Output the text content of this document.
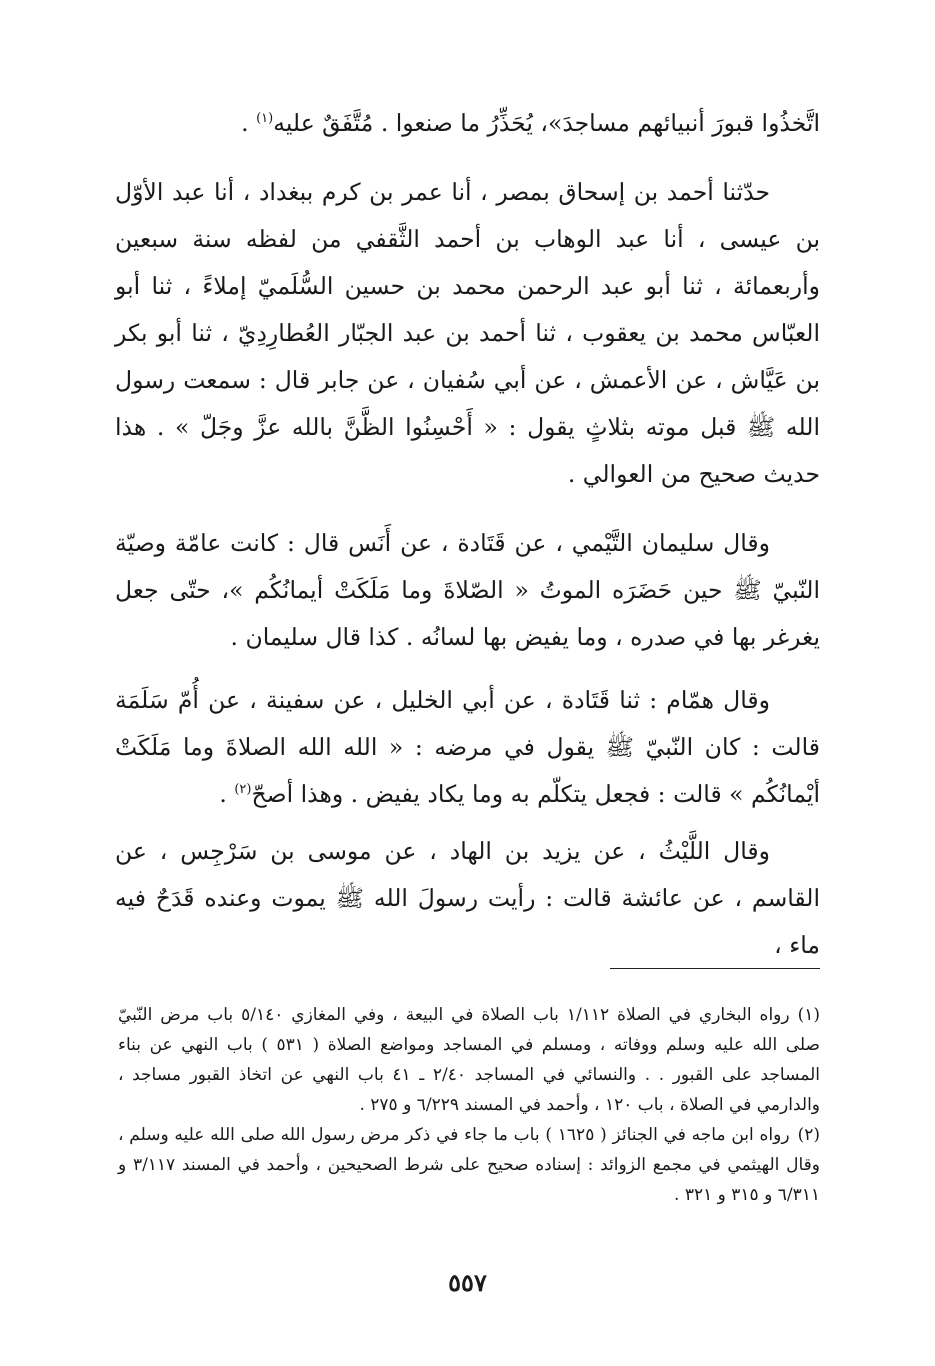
اتَّخذُوا قبورَ أنبيائهم مساجدَ»، يُحَذِّرُ ما صنعوا . مُتَّفَقٌ عليه$^{(١)}$ .

حدّثنا أحمد بن إسحاق بمصر ، أنا عمر بن كرم ببغداد ، أنا عبد الأوّل بن عيسى ، أنا عبد الوهاب بن أحمد الثَّقفي من لفظه سنة سبعين وأربعمائة ، ثنا أبو عبد الرحمن محمد بن حسين السُّلَميّ إملاءً ، ثنا أبو العبّاس محمد بن يعقوب ، ثنا أحمد بن عبد الجبّار العُطارِدِيّ ، ثنا أبو بكر بن عَيَّاش ، عن الأعمش ، عن أبي سُفيان ، عن جابر قال : سمعت رسول الله ﷺ قبل موته بثلاثٍ يقول : « أَحْسِنُوا الظَّنَّ بالله عزَّ وجَلّ » . هذا حديث صحيح من العوالي .

وقال سليمان التَّيْمي ، عن قَتَادة ، عن أَنَس قال : كانت عامّة وصيّة النّبيّ ﷺ حين حَضَرَه الموتُ « الصّلاةَ وما مَلَكَتْ أيمانُكُم »، حتّى جعل يغرغر بها في صدره ، وما يفيض بها لسانُه . كذا قال سليمان .

وقال همّام : ثنا قَتَادة ، عن أبي الخليل ، عن سفينة ، عن أُمّ سَلَمَة قالت : كان النّبيّ ﷺ يقول في مرضه : « الله الله الصلاةَ وما مَلَكَتْ أيْمانُكُم » قالت : فجعل يتكلّم به وما يكاد يفيض . وهذا أصحّ$^{(٢)}$ .

وقال اللَّيْثُ ، عن يزيد بن الهاد ، عن موسى بن سَرْجِس ، عن القاسم ، عن عائشة قالت : رأيت رسولَ الله ﷺ يموت وعنده قَدَحٌ فيه ماء ،

(١)رواه البخاري في الصلاة ١/١١٢ باب الصلاة في البيعة ، وفي المغازي ٥/١٤٠ باب مرض النّبيّ صلى الله عليه وسلم ووفاته ، ومسلم في المساجد ومواضع الصلاة ( ٥٣١ ) باب النهي عن بناء المساجد على القبور . . والنسائي في المساجد ٢/٤٠ ـ ٤١ باب النهي عن اتخاذ القبور مساجد ، والدارمي في الصلاة ، باب ١٢٠ ، وأحمد في المسند ٦/٢٢٩ و ٢٧٥ .

(٢)رواه ابن ماجه في الجنائز ( ١٦٢٥ ) باب ما جاء في ذكر مرض رسول الله صلى الله عليه وسلم ، وقال الهيثمي في مجمع الزوائد : إسناده صحيح على شرط الصحيحين ، وأحمد في المسند ٣/١١٧ و ٦/٣١١ و ٣١٥ و ٣٢١ .

٥٥٧
